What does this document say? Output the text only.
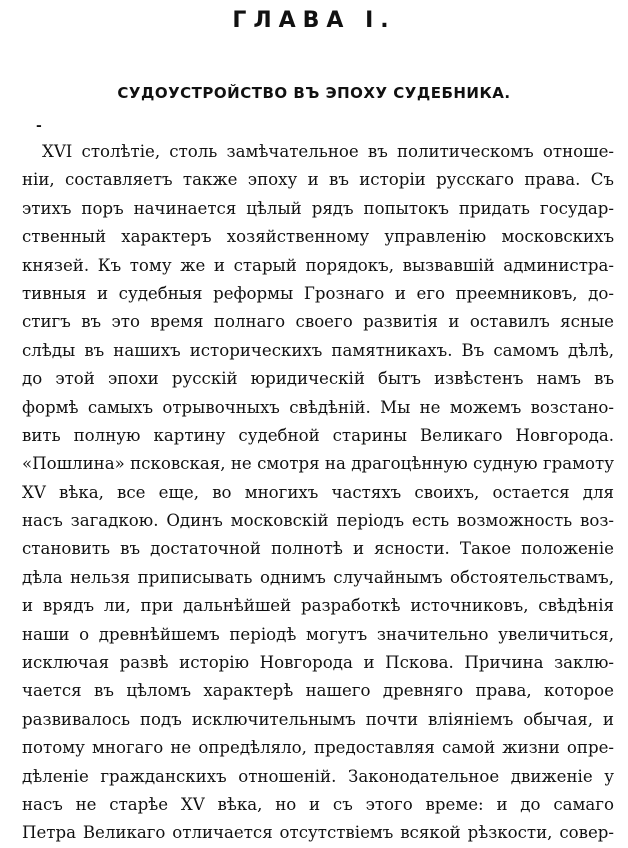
ГЛАВА I.
СУДОУСТРОЙСТВО ВЪ ЭПОХУ СУДЕБНИКА.
-
XVI столѣтіе, столь замѣчательное въ политическомъ отноше-
ніи, составляетъ также эпоху и въ исторіи русскаго права. Съ
этихъ поръ начинается цѣлый рядъ попытокъ придать государ-
ственный характеръ хозяйственному управленію московскихъ
князей. Къ тому же и старый порядокъ, вызвавшій администра-
тивныя и судебныя реформы Грознаго и его преемниковъ, до-
стигъ въ это время полнаго своего развитія и оставилъ ясные
слѣды въ нашихъ историческихъ памятникахъ. Въ самомъ дѣлѣ,
до этой эпохи русскій юридическій бытъ извѣстенъ намъ въ
формѣ самыхъ отрывочныхъ свѣдѣній. Мы не можемъ возстано-
вить полную картину судебной старины Великаго Новгорода.
«Пошлина» псковская, не смотря на драгоцѣнную судную грамоту
XV вѣка, все еще, во многихъ частяхъ своихъ, остается для
насъ загадкою. Одинъ московскій періодъ есть возможность воз-
становить въ достаточной полнотѣ и ясности. Такое положеніе
дѣла нельзя приписывать однимъ случайнымъ обстоятельствамъ,
и врядъ ли, при дальнѣйшей разработкѣ источниковъ, свѣдѣнія
наши о древнѣйшемъ періодѣ могутъ значительно увеличиться,
исключая развѣ исторію Новгорода и Пскова. Причина заклю-
чается въ цѣломъ характерѣ нашего древняго права, которое
развивалось подъ исключительнымъ почти вліяніемъ обычая, и
потому многаго не опредѣляло, предоставляя самой жизни опре-
дѣленіе гражданскихъ отношеній. Законодательное движеніе у
насъ не старѣе XV вѣка, но и съ этого време: и до самаго
Петра Великаго отличается отсутствіемъ всякой рѣзкости, совер-
